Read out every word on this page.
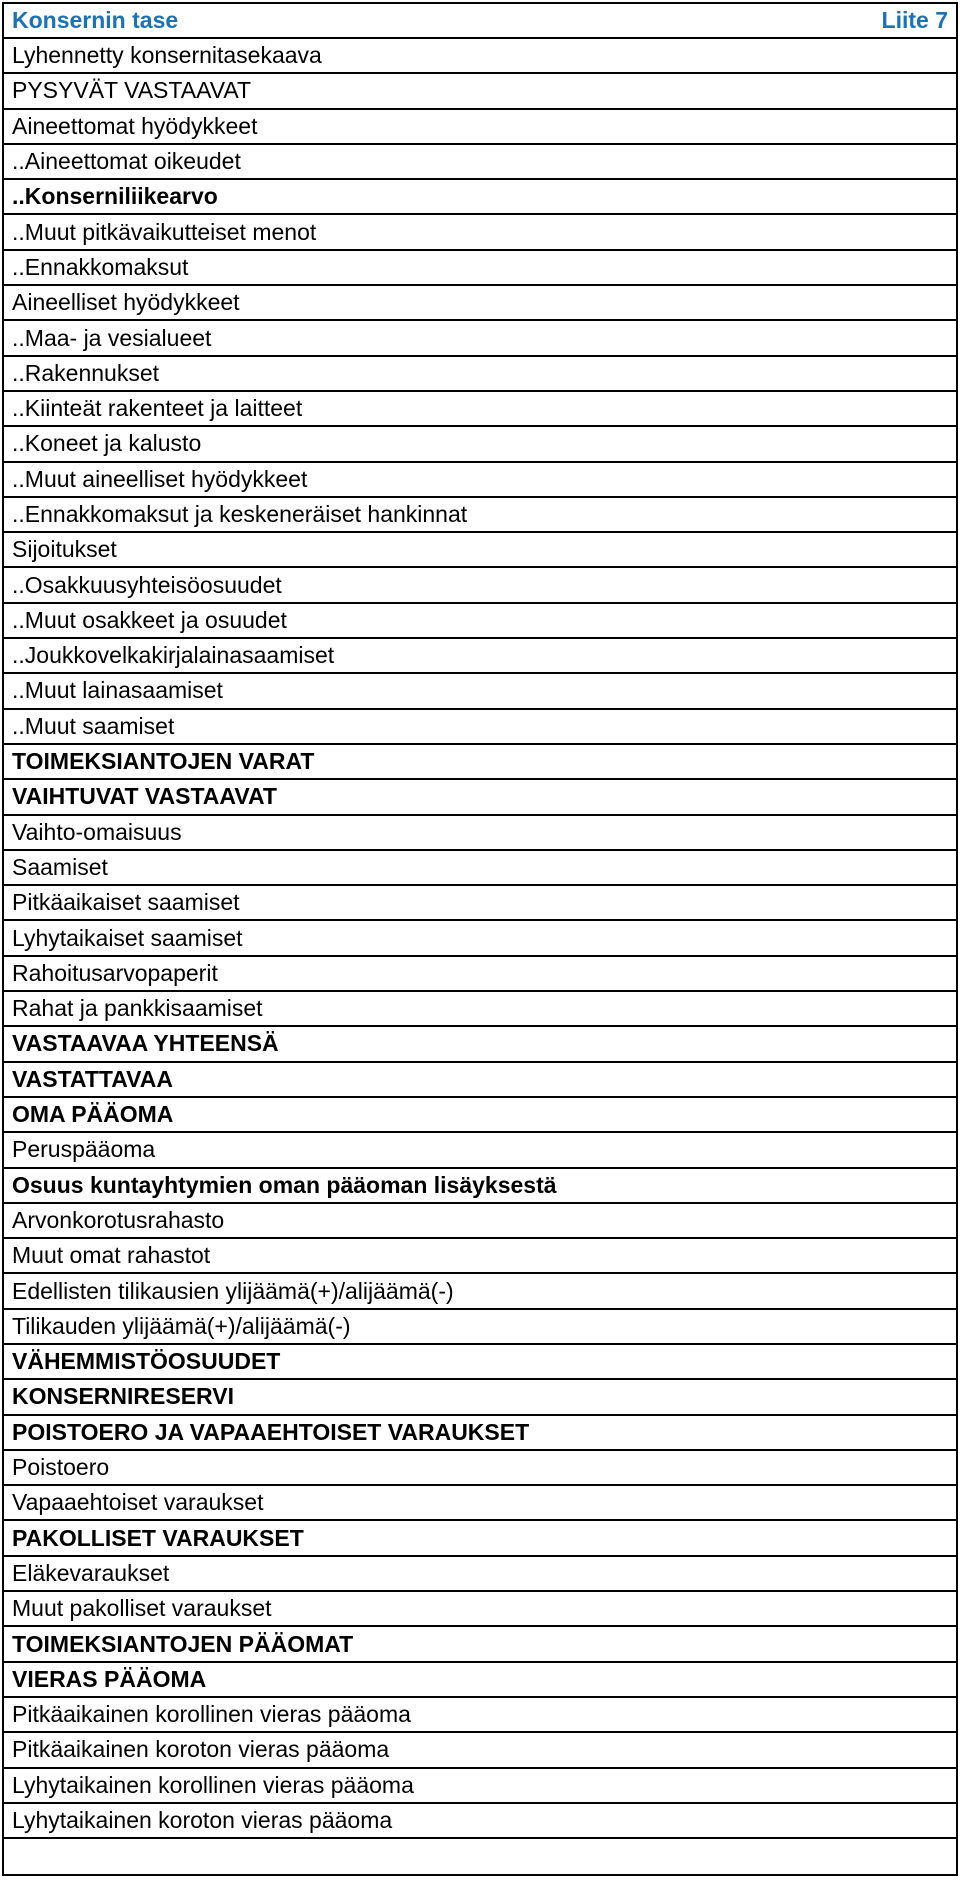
Konsernin tase	Liite 7
Lyhennetty konsernitasekaava
PYSYVÄT VASTAAVAT
Aineettomat hyödykkeet
..Aineettomat oikeudet
..Konserniliikearvo
..Muut pitkävaikutteiset menot
..Ennakkomaksut
Aineelliset hyödykkeet
..Maa- ja vesialueet
..Rakennukset
..Kiinteät rakenteet ja laitteet
..Koneet ja kalusto
..Muut aineelliset hyödykkeet
..Ennakkomaksut ja keskeneräiset hankinnat
Sijoitukset
..Osakkuusyhteisöosuudet
..Muut osakkeet ja osuudet
..Joukkovelkakirjalainasaamiset
..Muut lainasaamiset
..Muut saamiset
TOIMEKSIANTOJEN VARAT
VAIHTUVAT VASTAAVAT
Vaihto-omaisuus
Saamiset
Pitkäaikaiset saamiset
Lyhytaikaiset saamiset
Rahoitusarvopaperit
Rahat ja pankkisaamiset
VASTAAVAA YHTEENSÄ
VASTATTAVAA
OMA PÄÄOMA
Peruspääoma
Osuus kuntayhtymien oman pääoman lisäyksestä
Arvonkorotusrahasto
Muut omat rahastot
Edellisten tilikausien ylijäämä(+)/alijäämä(-)
Tilikauden ylijäämä(+)/alijäämä(-)
VÄHEMMISTÖOSUUDET
KONSERNIRESERVI
POISTOERO JA VAPAAEHTOISET VARAUKSET
Poistoero
Vapaaehtoiset varaukset
PAKOLLISET VARAUKSET
Eläkevaraukset
Muut pakolliset varaukset
TOIMEKSIANTOJEN PÄÄOMAT
VIERAS PÄÄOMA
Pitkäaikainen korollinen vieras pääoma
Pitkäaikainen koroton vieras pääoma
Lyhytaikainen korollinen vieras pääoma
Lyhytaikainen koroton vieras pääoma
